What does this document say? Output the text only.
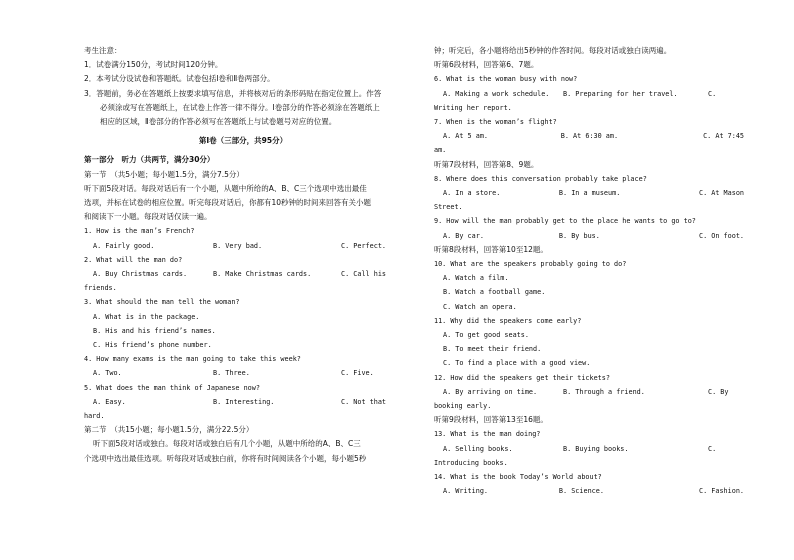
考生注意：
1．试卷满分150分，考试时间120分钟。
2．本考试分设试卷和答题纸。试卷包括Ⅰ卷和Ⅱ卷两部分。
3．答题前，务必在答题纸上按要求填写信息，并将核对后的条形码贴在指定位置上。作答
必须涂或写在答题纸上，在试卷上作答一律不得分。Ⅰ卷部分的作答必须涂在答题纸上
相应的区域，Ⅱ卷部分的作答必须写在答题纸上与试卷题号对应的位置。
第Ⅰ卷（三部分，共95分）
第一部分　听力（共两节，满分30分）
第一节　（共5小题；每小题1.5分，满分7.5分）
听下面5段对话。每段对话后有一个小题，从题中所给的A、B、C三个选项中选出最佳
选项，并标在试卷的相应位置。听完每段对话后，你都有10秒钟的时间来回答有关小题
和阅读下一小题。每段对话仅读一遍。
1. How is the man’s French?
A. Fairly good.	B. Very bad.	C. Perfect.
2. What will the man do?
A. Buy Christmas cards.	B. Make Christmas cards.	C. Call his
friends.
3. What should the man tell the woman?
A. What is in the package.
B. His and his friend’s names.
C. His friend’s phone number.
4. How many exams is the man going to take this week?
A. Two.	B. Three.	C. Five.
5. What does the man think of Japanese now?
A. Easy.	B. Interesting.	C. Not that
hard.
第二节　（共15小题；每小题1.5分，满分22.5分）
听下面5段对话或独白。每段对话或独白后有几个小题，从题中所给的A、B、C三
个选项中选出最佳选项。听每段对话或独白前，你将有时间阅读各个小题，每小题5秒
钟；听完后，各小题将给出5秒钟的作答时间。每段对话或独白读两遍。
听第6段材料，回答第6、7题。
6. What is the woman busy with now?
A. Making a work schedule.	B. Preparing for her travel.	C.
Writing her report.
7. When is the woman’s flight?
A. At 5 am.	B. At 6:30 am.	C. At 7:45
am.
听第7段材料，回答第8、9题。
8. Where does this conversation probably take place?
A. In a store.	B. In a museum.	C. At Mason
Street.
9. How will the man probably get to the place he wants to go to?
A. By car.	B. By bus.	C. On foot.
听第8段材料，回答第10至12题。
10. What are the speakers probably going to do?
A. Watch a film.
B. Watch a football game.
C. Watch an opera.
11. Why did the speakers come early?
A. To get good seats.
B. To meet their friend.
C. To find a place with a good view.
12. How did the speakers get their tickets?
A. By arriving on time.	B. Through a friend.	C. By
booking early.
听第9段材料，回答第13至16题。
13. What is the man doing?
A. Selling books.	B. Buying books.	C.
Introducing books.
14. What is the book Today’s World about?
A. Writing.	B. Science.	C. Fashion.
